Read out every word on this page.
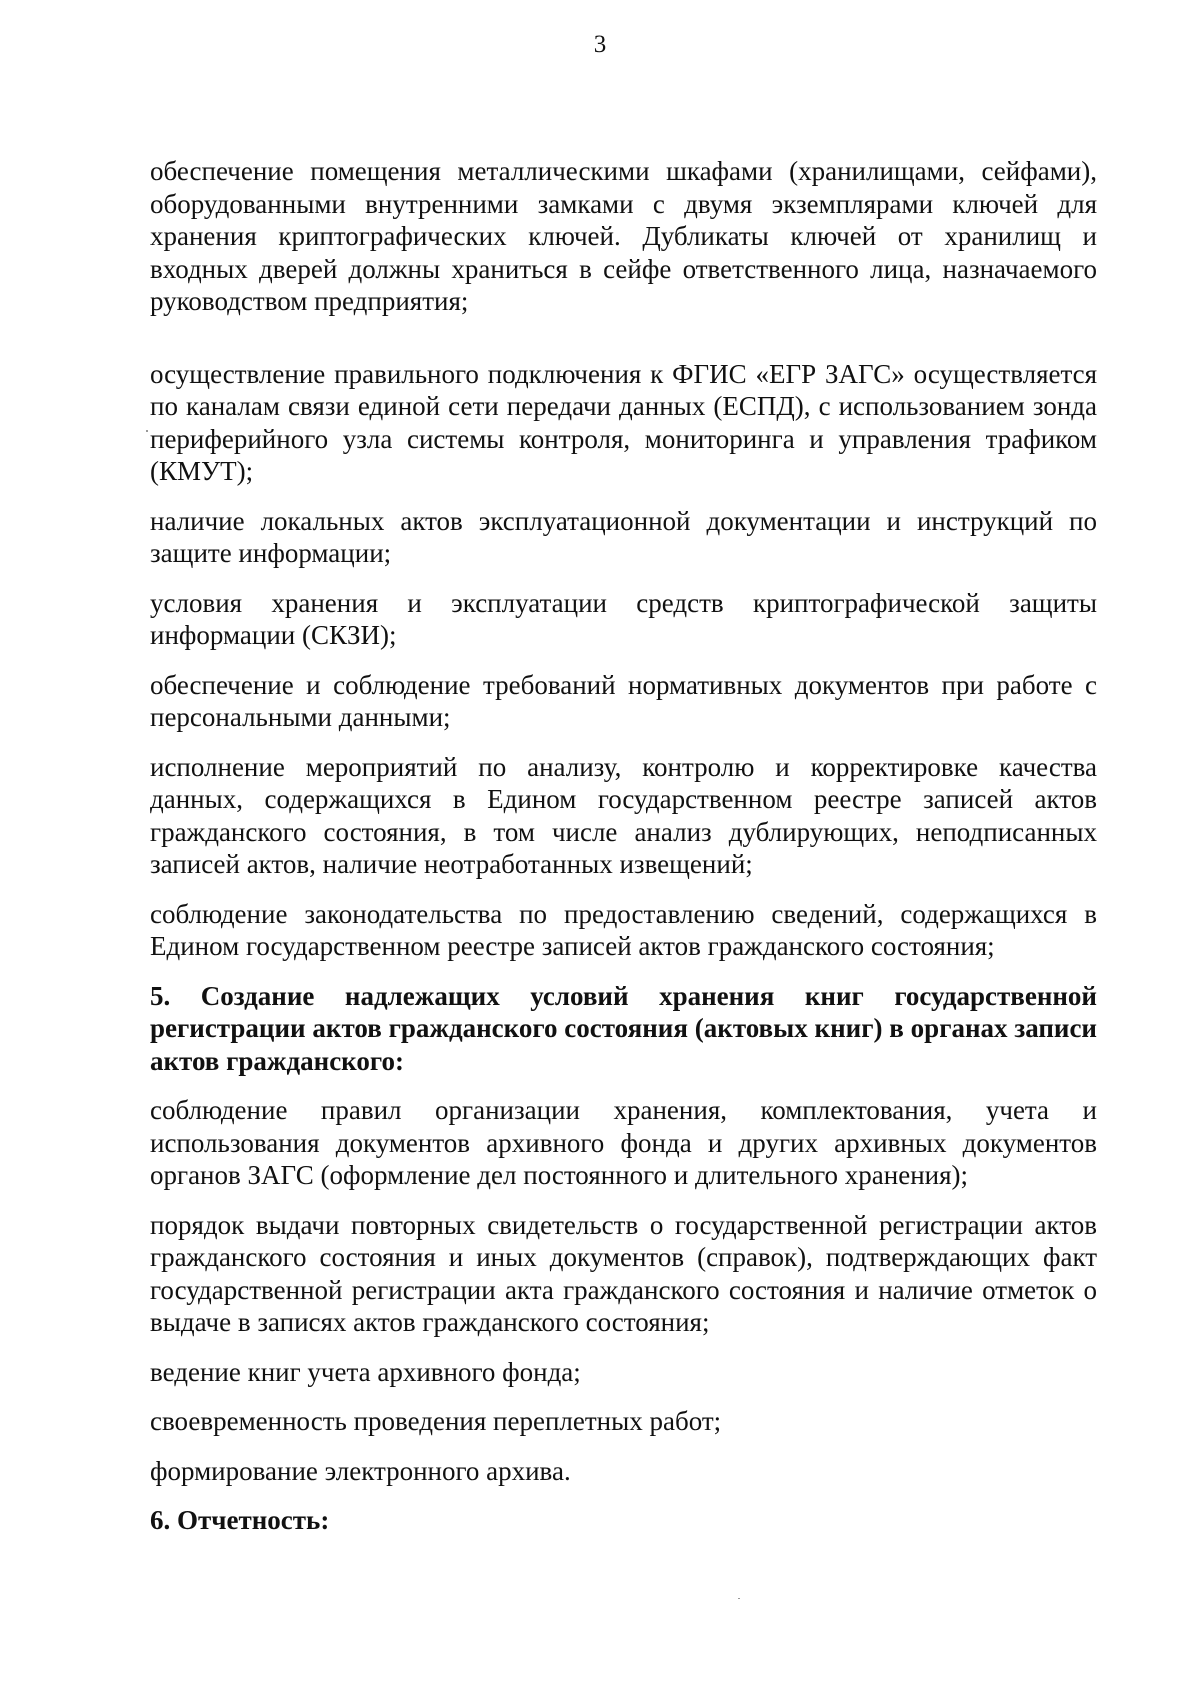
3

обеспечение помещения металлическими шкафами (хранилищами, сейфами), оборудованными внутренними замками с двумя экземплярами ключей для хранения криптографических ключей. Дубликаты ключей от хранилищ и входных дверей должны храниться в сейфе ответственного лица, назначаемого руководством предприятия;

осуществление правильного подключения к ФГИС «ЕГР ЗАГС» осуществляется по каналам связи единой сети передачи данных (ЕСПД), с использованием зонда периферийного узла системы контроля, мониторинга и управления трафиком (КМУТ);

наличие локальных актов эксплуатационной документации и инструкций по защите информации;

условия хранения и эксплуатации средств криптографической защиты информации (СКЗИ);

обеспечение и соблюдение требований нормативных документов при работе с персональными данными;

исполнение мероприятий по анализу, контролю и корректировке качества данных, содержащихся в Едином государственном реестре записей актов гражданского состояния, в том числе анализ дублирующих, неподписанных записей актов, наличие неотработанных извещений;

соблюдение законодательства по предоставлению сведений, содержащихся в Едином государственном реестре записей актов гражданского состояния;

5. Создание надлежащих условий хранения книг государственной регистрации актов гражданского состояния (актовых книг) в органах записи актов гражданского:

соблюдение правил организации хранения, комплектования, учета и использования документов архивного фонда и других архивных документов органов ЗАГС (оформление дел постоянного и длительного хранения);

порядок выдачи повторных свидетельств о государственной регистрации актов гражданского состояния и иных документов (справок), подтверждающих факт государственной регистрации акта гражданского состояния и наличие отметок о выдаче в записях актов гражданского состояния;

ведение книг учета архивного фонда;

своевременность проведения переплетных работ;

формирование электронного архива.

6. Отчетность:
